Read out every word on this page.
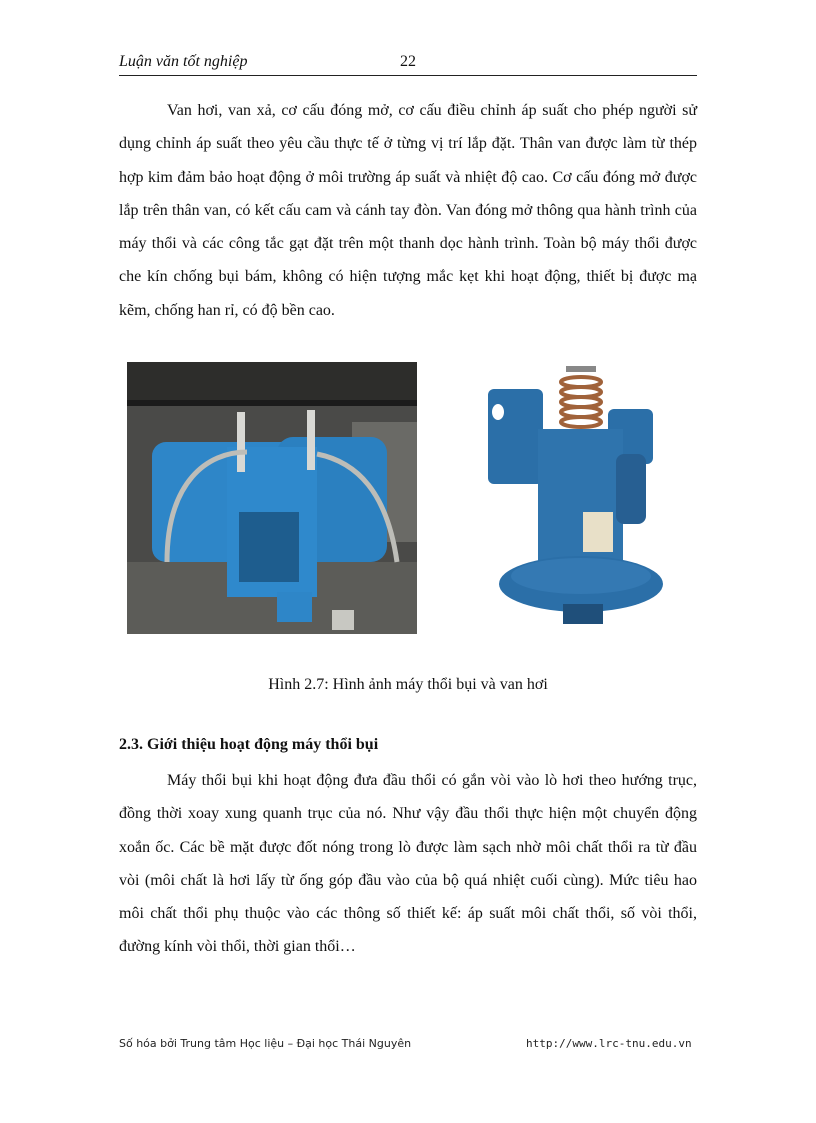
Luận văn tốt nghiệp	22

Van hơi, van xả, cơ cấu đóng mở, cơ cấu điều chỉnh áp suất cho phép người sử dụng chỉnh áp suất theo yêu cầu thực tế ở từng vị trí lắp đặt. Thân van được làm từ thép hợp kim đảm bảo hoạt động ở môi trường áp suất và nhiệt độ cao. Cơ cấu đóng mở được lắp trên thân van, có kết cấu cam và cánh tay đòn. Van đóng mở thông qua hành trình của máy thổi và các công tắc gạt đặt trên một thanh dọc hành trình. Toàn bộ máy thổi được che kín chống bụi bám, không có hiện tượng mắc kẹt khi hoạt động, thiết bị được mạ kẽm, chống han rỉ, có độ bền cao.

Hình 2.7: Hình ảnh máy thổi bụi và van hơi
2.3. Giới thiệu hoạt động máy thổi bụi

Máy thổi bụi khi hoạt động đưa đầu thổi có gắn vòi vào lò hơi theo hướng trục, đồng thời xoay xung quanh trục của nó. Như vậy đầu thổi thực hiện một chuyển động xoắn ốc. Các bề mặt được đốt nóng trong lò được làm sạch nhờ môi chất thổi ra từ đầu vòi (môi chất là hơi lấy từ ống góp đầu vào của bộ quá nhiệt cuối cùng). Mức tiêu hao môi chất thổi phụ thuộc vào các thông số thiết kế: áp suất môi chất thổi, số vòi thổi, đường kính vòi thổi, thời gian thổi…

Số hóa bởi Trung tâm Học liệu – Đại học Thái Nguyên	http://www.lrc-tnu.edu.vn
